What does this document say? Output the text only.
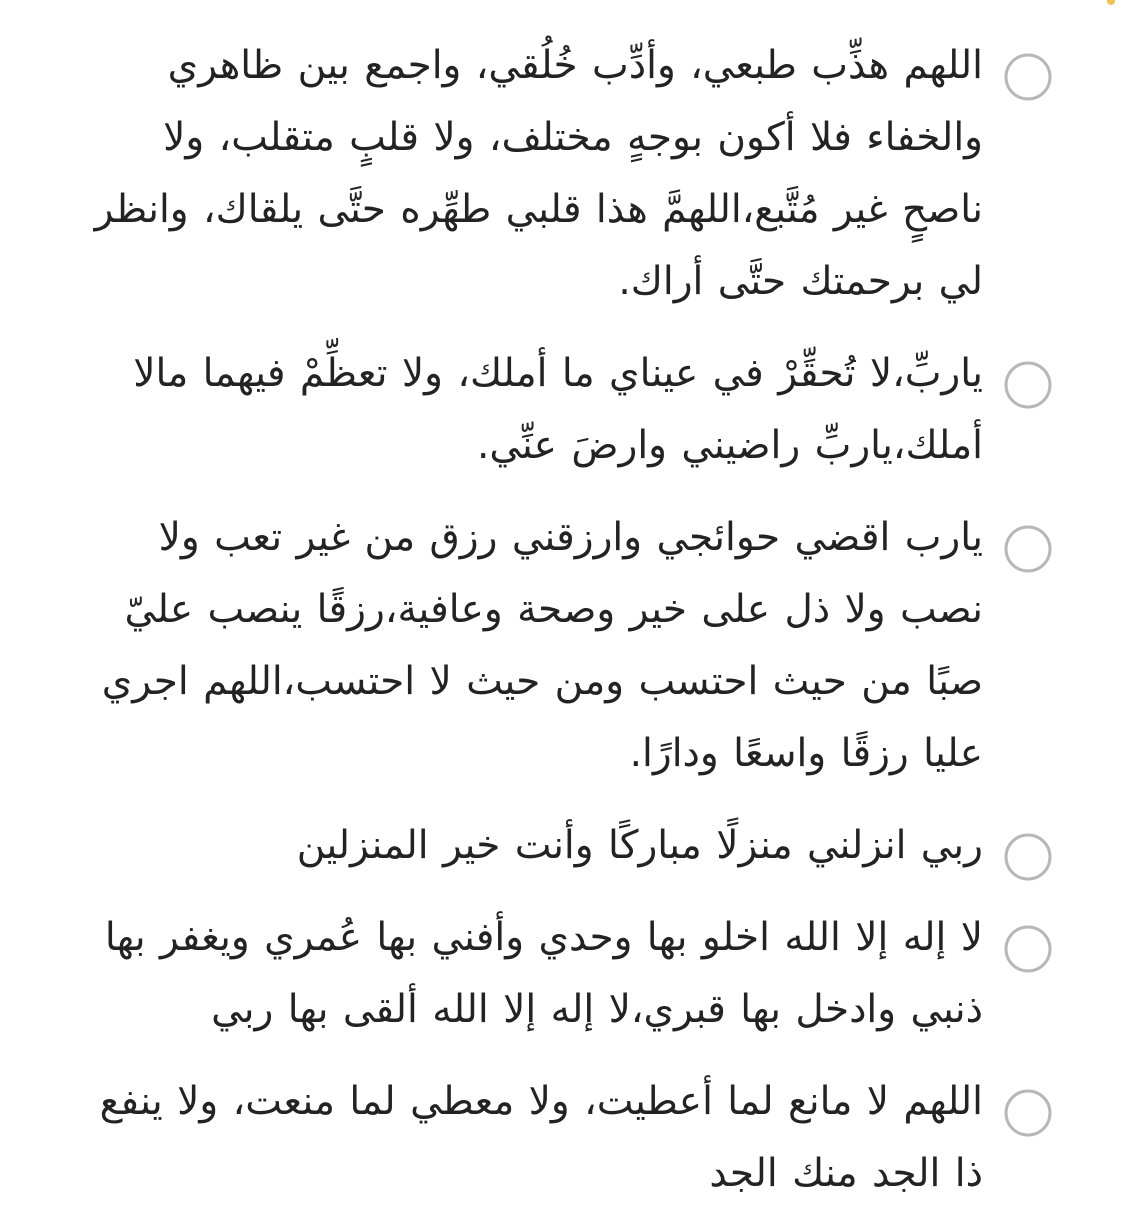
اللهم هذِّب طبعي، وأدِّب خُلُقي، واجمع بين ظاهري والخفاء فلا أكون بوجهٍ مختلف، ولا قلبٍ متقلب، ولا ناصحٍ غير مُتَّبع،اللهمَّ هذا قلبي طهِّره حتَّى يلقاك، وانظر لي برحمتك حتَّى أراك.
ياربِّ،لا تُحقِّرْ في عيناي ما أملك، ولا تعظِّمْ فيهما مالا أملك،ياربِّ راضيني وارضَ عنِّي.
يارب اقضي حوائجي وارزقني رزق من غير تعب ولا نصب ولا ذل على خير وصحة وعافية،رزقًا ينصب عليّ صبًا من حيث احتسب ومن حيث لا احتسب،اللهم اجري عليا رزقًا واسعًا ودارًا.
ربي انزلني منزلًا مباركًا وأنت خير المنزلين
لا إله إلا الله اخلو بها وحدي وأفني بها عُمري ويغفر بها ذنبي وادخل بها قبري،لا إله إلا الله ألقى بها ربي
اللهم لا مانع لما أعطيت، ولا معطي لما منعت، ولا ينفع ذا الجد منك الجد
